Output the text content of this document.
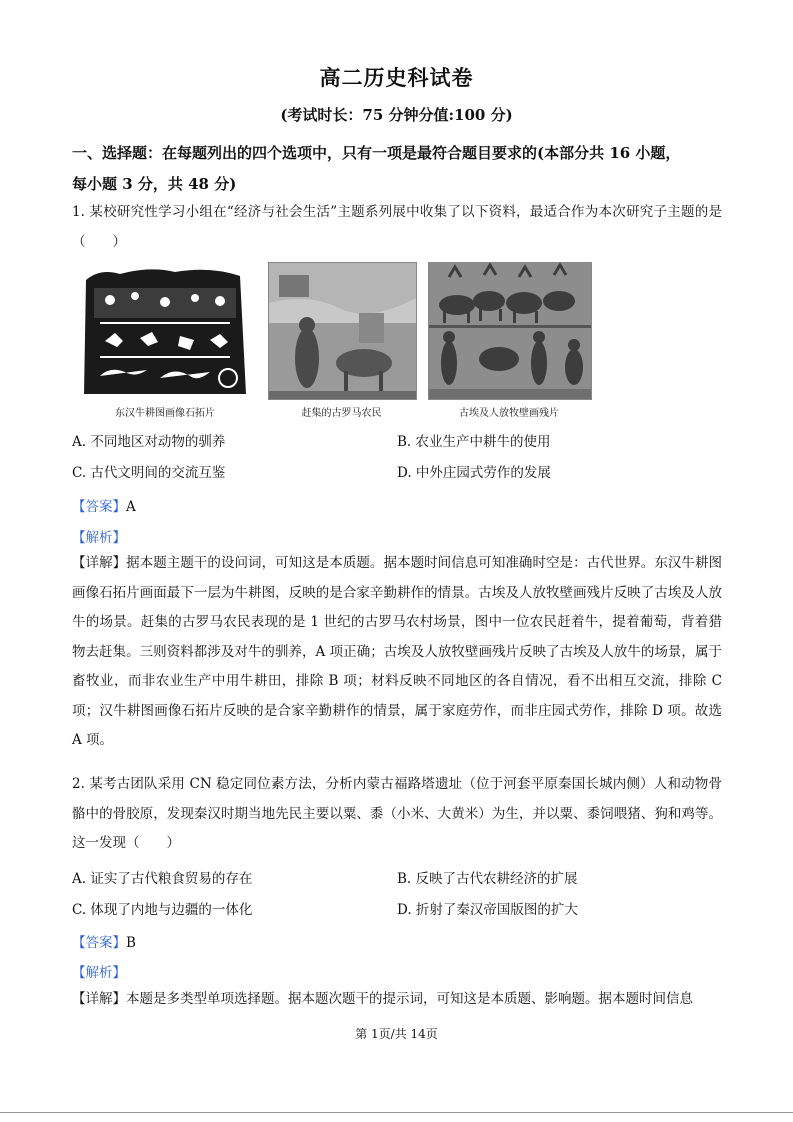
高二历史科试卷
(考试时长：75 分钟分值:100 分)
一、选择题：在每题列出的四个选项中，只有一项是最符合题目要求的(本部分共 16 小题，
每小题 3 分，共 48 分)
1. 某校研究性学习小组在“经济与社会生活”主题系列展中收集了以下资料，最适合作为本次研究子主题的是（　　）
东汉牛耕图画像石拓片	赶集的古罗马农民	古埃及人放牧壁画残片
A. 不同地区对动物的驯养	B. 农业生产中耕牛的使用
C. 古代文明间的交流互鉴	D. 中外庄园式劳作的发展
【答案】A
【解析】
【详解】据本题主题干的设问词，可知这是本质题。据本题时间信息可知准确时空是：古代世界。东汉牛耕图画像石拓片画面最下一层为牛耕图，反映的是合家辛勤耕作的情景。古埃及人放牧壁画残片反映了古埃及人放牛的场景。赶集的古罗马农民表现的是 1 世纪的古罗马农村场景，图中一位农民赶着牛，提着葡萄，背着猎物去赶集。三则资料都涉及对牛的驯养，A 项正确；古埃及人放牧壁画残片反映了古埃及人放牛的场景，属于畜牧业，而非农业生产中用牛耕田，排除 B 项；材料反映不同地区的各自情况，看不出相互交流，排除 C 项；汉牛耕图画像石拓片反映的是合家辛勤耕作的情景，属于家庭劳作，而非庄园式劳作，排除 D 项。故选 A 项。
2. 某考古团队采用 CN 稳定同位素方法，分析内蒙古福路塔遗址（位于河套平原秦国长城内侧）人和动物骨骼中的骨胶原，发现秦汉时期当地先民主要以粟、黍（小米、大黄米）为生，并以粟、黍饲喂猪、狗和鸡等。这一发现（　　）
A. 证实了古代粮食贸易的存在	B. 反映了古代农耕经济的扩展
C. 体现了内地与边疆的一体化	D. 折射了秦汉帝国版图的扩大
【答案】B
【解析】
【详解】本题是多类型单项选择题。据本题次题干的提示词，可知这是本质题、影响题。据本题时间信息
第 1页/共 14页
